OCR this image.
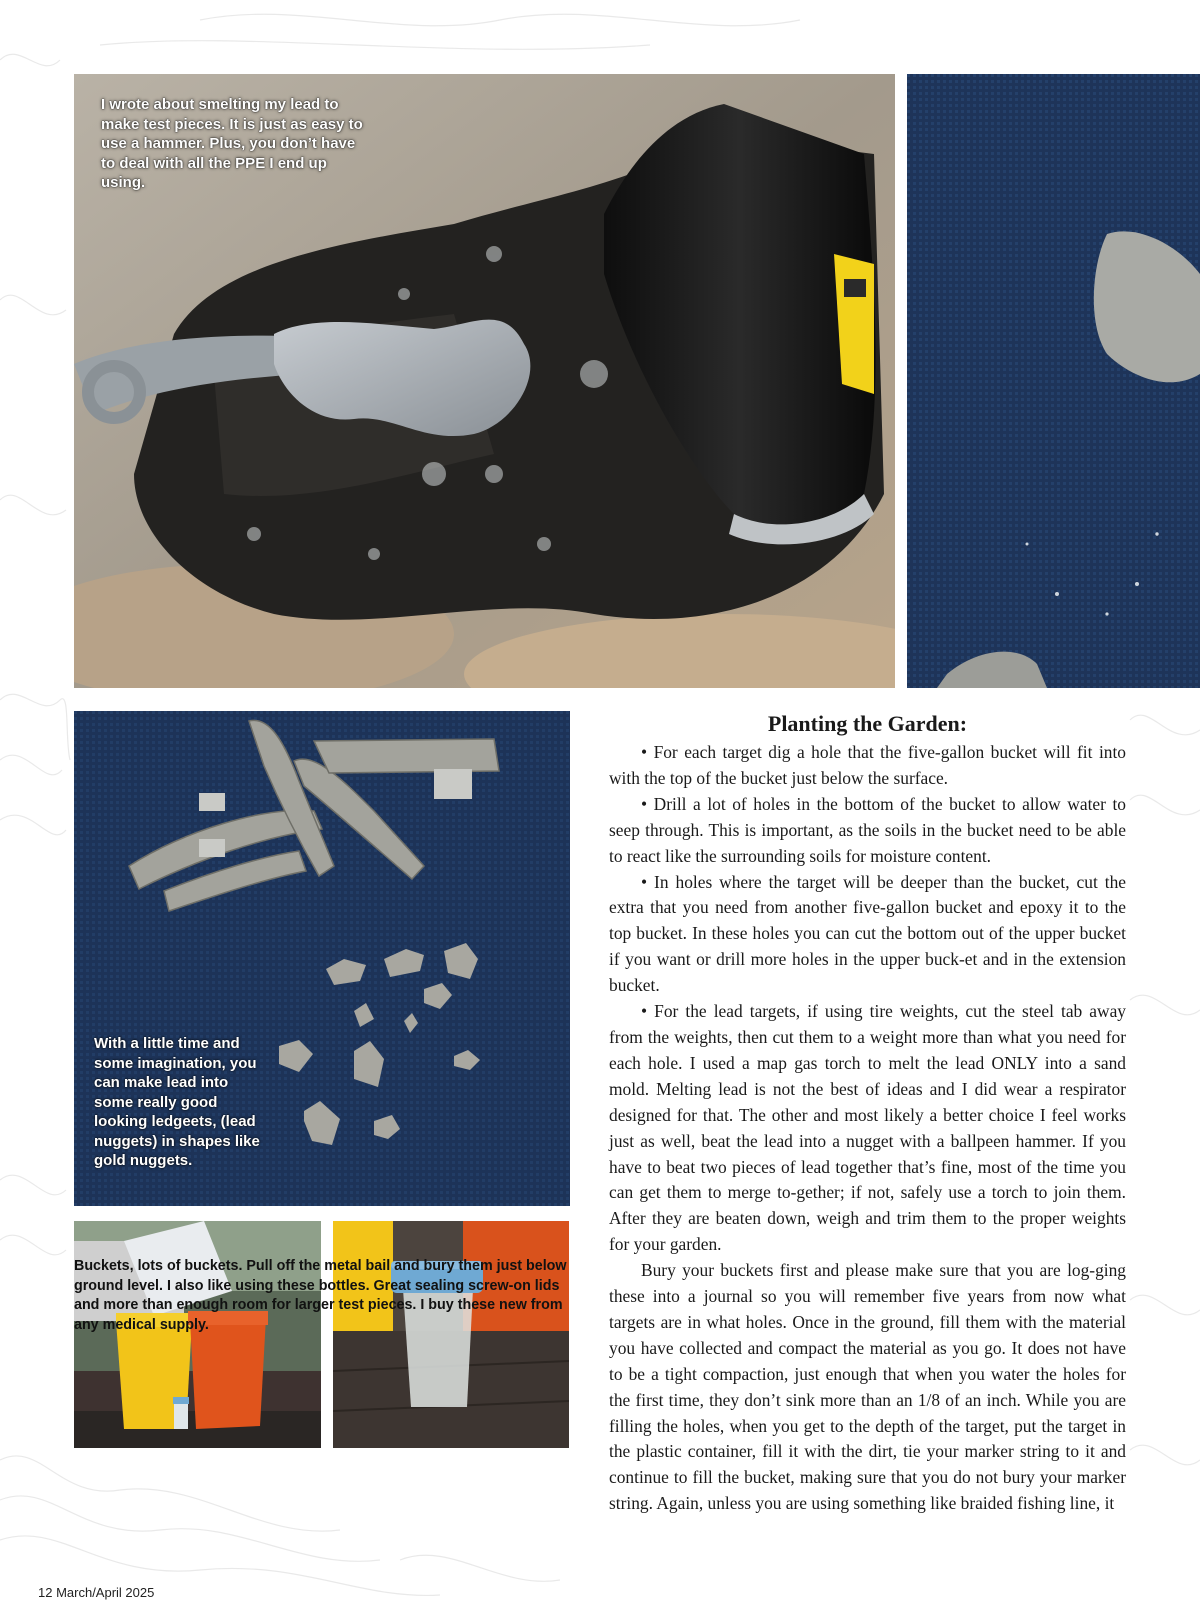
I wrote about smelting my lead to make test pieces. It is just as easy to use a hammer. Plus, you don’t have to deal with all the PPE I end up using.
With a little time and some imagination, you can make lead into some really good looking ledgeets, (lead nuggets) in shapes like gold nuggets.
Buckets, lots of buckets. Pull off the metal bail and bury them just below ground level. I also like using these bottles. Great sealing screw-on lids and more than enough room for larger test pieces. I buy these new from any medical supply.
Planting the Garden:

• For each target dig a hole that the five-gallon bucket will fit into with the top of the bucket just below the surface.

• Drill a lot of holes in the bottom of the bucket to allow water to seep through. This is important, as the soils in the bucket need to be able to react like the surrounding soils for moisture content.

• In holes where the target will be deeper than the bucket, cut the extra that you need from another five-gallon bucket and epoxy it to the top bucket. In these holes you can cut the bottom out of the upper bucket if you want or drill more holes in the upper buck-et and in the extension bucket.

• For the lead targets, if using tire weights, cut the steel tab away from the weights, then cut them to a weight more than what you need for each hole. I used a map gas torch to melt the lead ONLY into a sand mold. Melting lead is not the best of ideas and I did wear a respirator designed for that. The other and most likely a better choice I feel works just as well, beat the lead into a nugget with a ballpeen hammer. If you have to beat two pieces of lead together that’s fine, most of the time you can get them to merge to-gether; if not, safely use a torch to join them. After they are beaten down, weigh and trim them to the proper weights for your garden.

Bury your buckets first and please make sure that you are log-ging these into a journal so you will remember five years from now what targets are in what holes. Once in the ground, fill them with the material you have collected and compact the material as you go. It does not have to be a tight compaction, just enough that when you water the holes for the first time, they don’t sink more than an 1/8 of an inch. While you are filling the holes, when you get to the depth of the target, put the target in the plastic container, fill it with the dirt, tie your marker string to it and continue to fill the bucket, making sure that you do not bury your marker string. Again, unless you are using something like braided fishing line, it

12 March/April 2025
